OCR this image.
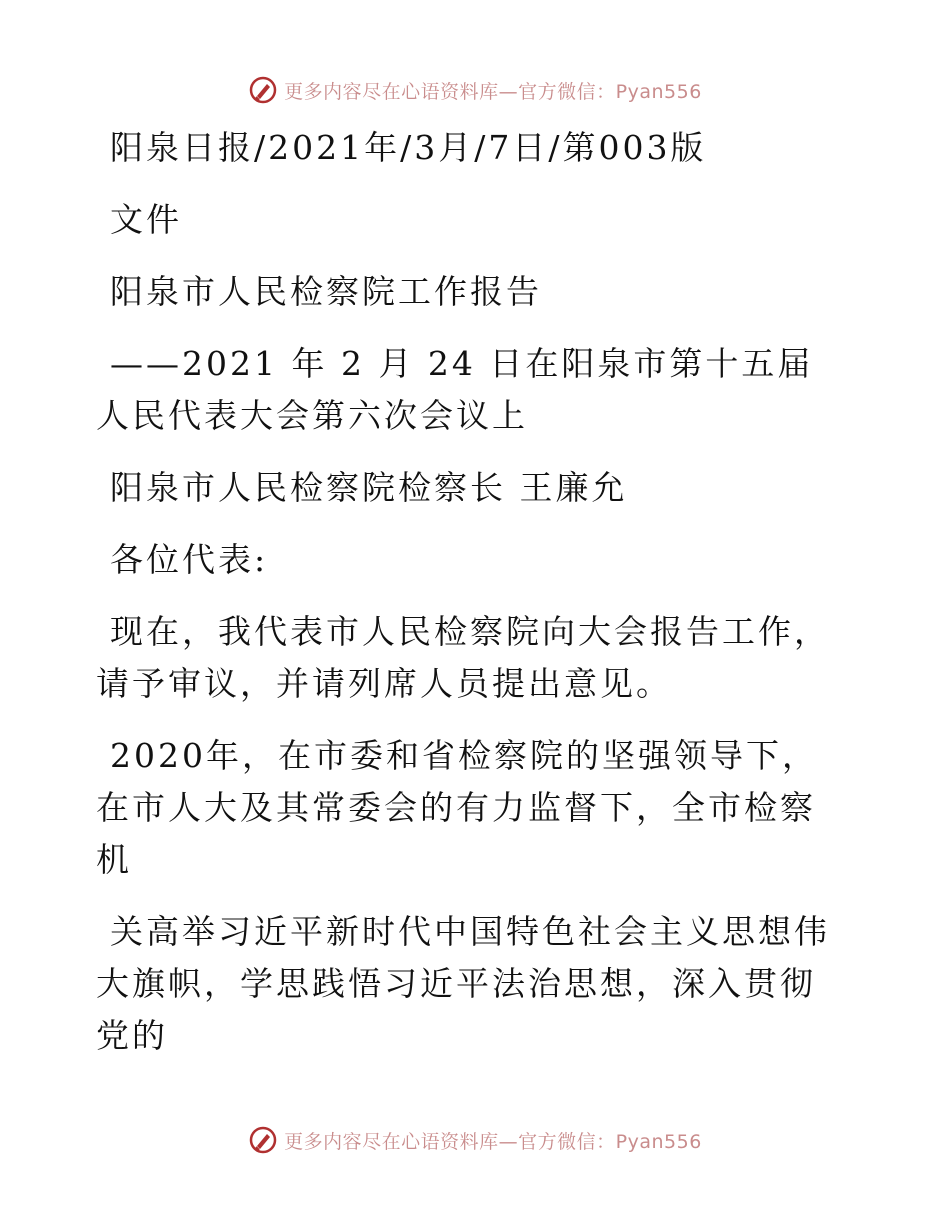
更多内容尽在心语资料库—官方微信：Pyan556

阳泉日报/2021年/3月/7日/第003版

文件

阳泉市人民检察院工作报告

——2021 年 2 月 24 日在阳泉市第十五届人民代表大会第六次会议上

阳泉市人民检察院检察长 王廉允

各位代表:

现在，我代表市人民检察院向大会报告工作，请予审议，并请列席人员提出意见。

2020年，在市委和省检察院的坚强领导下，在市人大及其常委会的有力监督下，全市检察机

关高举习近平新时代中国特色社会主义思想伟大旗帜，学思践悟习近平法治思想，深入贯彻党的

更多内容尽在心语资料库—官方微信：Pyan556
